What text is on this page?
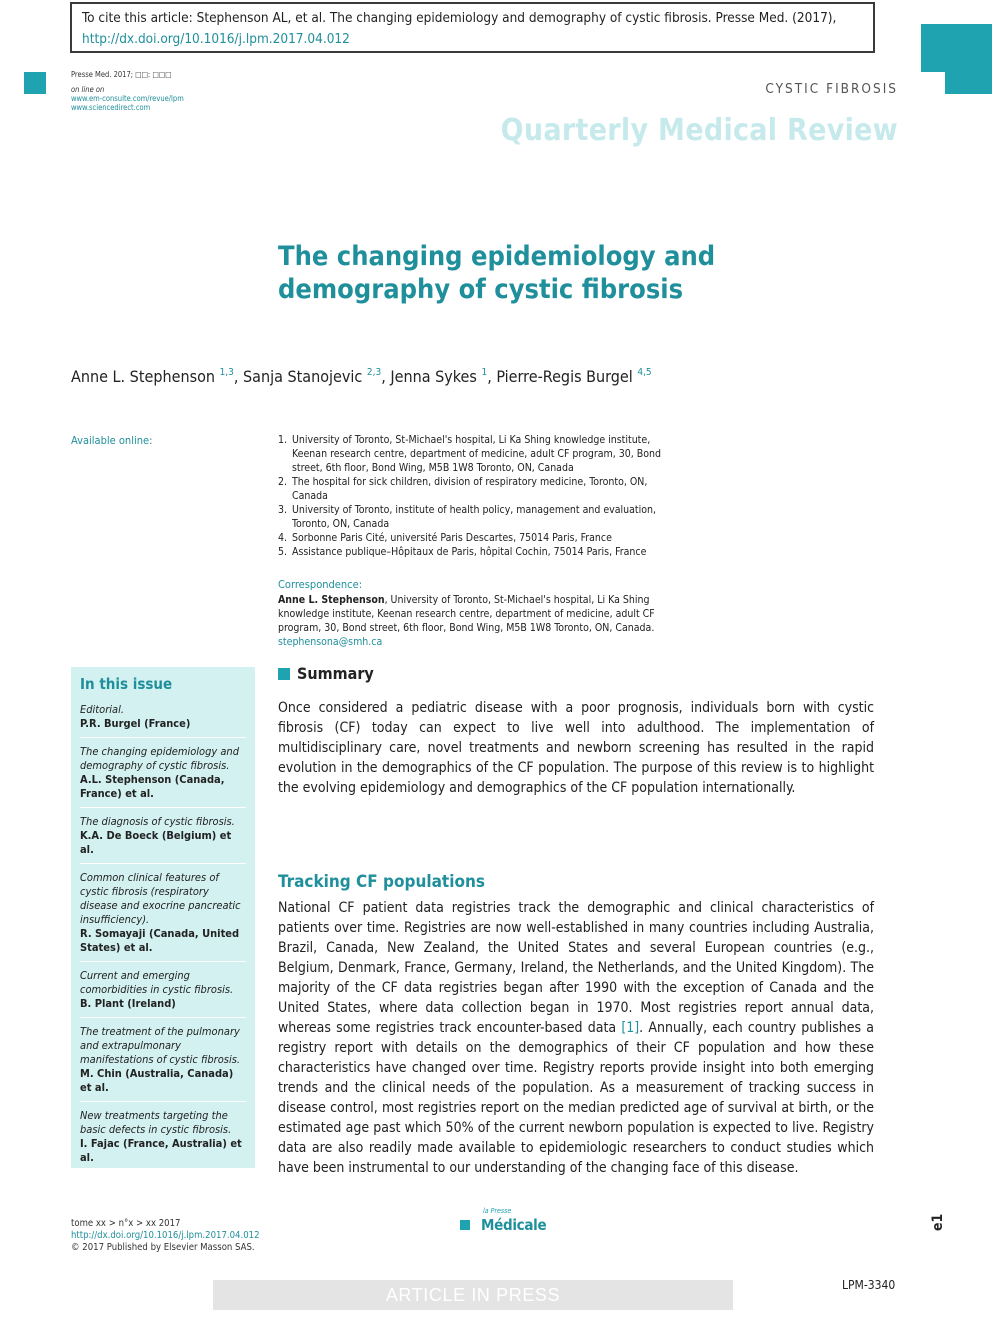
To cite this article: Stephenson AL, et al. The changing epidemiology and demography of cystic fibrosis. Presse Med. (2017),
http://dx.doi.org/10.1016/j.lpm.2017.04.012
Presse Med. 2017; □□: □□□
on line on
www.em-consulte.com/revue/lpm
www.sciencedirect.com
CYSTIC FIBROSIS
Quarterly Medical Review
The changing epidemiology and demography of cystic fibrosis
Anne L. Stephenson $^{1,3}$, Sanja Stanojevic $^{2,3}$, Jenna Sykes $^1$, Pierre-Regis Burgel $^{4,5}$
Available online:	1. University of Toronto, St-Michael's hospital, Li Ka Shing knowledge institute, Keenan research centre, department of medicine, adult CF program, 30, Bond street, 6th floor, Bond Wing, M5B 1W8 Toronto, ON, Canada
2. The hospital for sick children, division of respiratory medicine, Toronto, ON, Canada
3. University of Toronto, institute of health policy, management and evaluation, Toronto, ON, Canada
4. Sorbonne Paris Cité, université Paris Descartes, 75014 Paris, France
5. Assistance publique–Hôpitaux de Paris, hôpital Cochin, 75014 Paris, France
Correspondence:
Anne L. Stephenson, University of Toronto, St-Michael's hospital, Li Ka Shing knowledge institute, Keenan research centre, department of medicine, adult CF program, 30, Bond street, 6th floor, Bond Wing, M5B 1W8 Toronto, ON, Canada.
stephensona@smh.ca
In this issue
Editorial.
P.R. Burgel (France)
The changing epidemiology and demography of cystic fibrosis.
A.L. Stephenson (Canada, France) et al.
The diagnosis of cystic fibrosis.
K.A. De Boeck (Belgium) et al.
Common clinical features of cystic fibrosis (respiratory disease and exocrine pancreatic insufficiency).
R. Somayaji (Canada, United States) et al.
Current and emerging comorbidities in cystic fibrosis.
B. Plant (Ireland)
The treatment of the pulmonary and extrapulmonary manifestations of cystic fibrosis.
M. Chin (Australia, Canada) et al.
New treatments targeting the basic defects in cystic fibrosis.
I. Fajac (France, Australia) et al.
Summary

Once considered a pediatric disease with a poor prognosis, individuals born with cystic fibrosis (CF) today can expect to live well into adulthood. The implementation of multidisciplinary care, novel treatments and newborn screening has resulted in the rapid evolution in the demographics of the CF population. The purpose of this review is to highlight the evolving epidemiology and demographics of the CF population internationally.

Tracking CF populations

National CF patient data registries track the demographic and clinical characteristics of patients over time. Registries are now well-established in many countries including Australia, Brazil, Canada, New Zealand, the United States and several European countries (e.g., Belgium, Denmark, France, Germany, Ireland, the Netherlands, and the United Kingdom). The majority of the CF data registries began after 1990 with the exception of Canada and the United States, where data collection began in 1970. Most registries report annual data, whereas some registries track encounter-based data [1]. Annually, each country publishes a registry report with details on the demographics of their CF population and how these characteristics have changed over time. Registry reports provide insight into both emerging trends and the clinical needs of the population. As a measurement of tracking success in disease control, most registries report on the median predicted age of survival at birth, or the estimated age past which 50% of the current newborn population is expected to live. Registry data are also readily made available to epidemiologic researchers to conduct studies which have been instrumental to our understanding of the changing face of this disease.

tome xx > n°x > xx 2017
http://dx.doi.org/10.1016/j.lpm.2017.04.012
© 2017 Published by Elsevier Masson SAS.
la Presse
Médicale	e1
ARTICLE IN PRESS	LPM-3340
